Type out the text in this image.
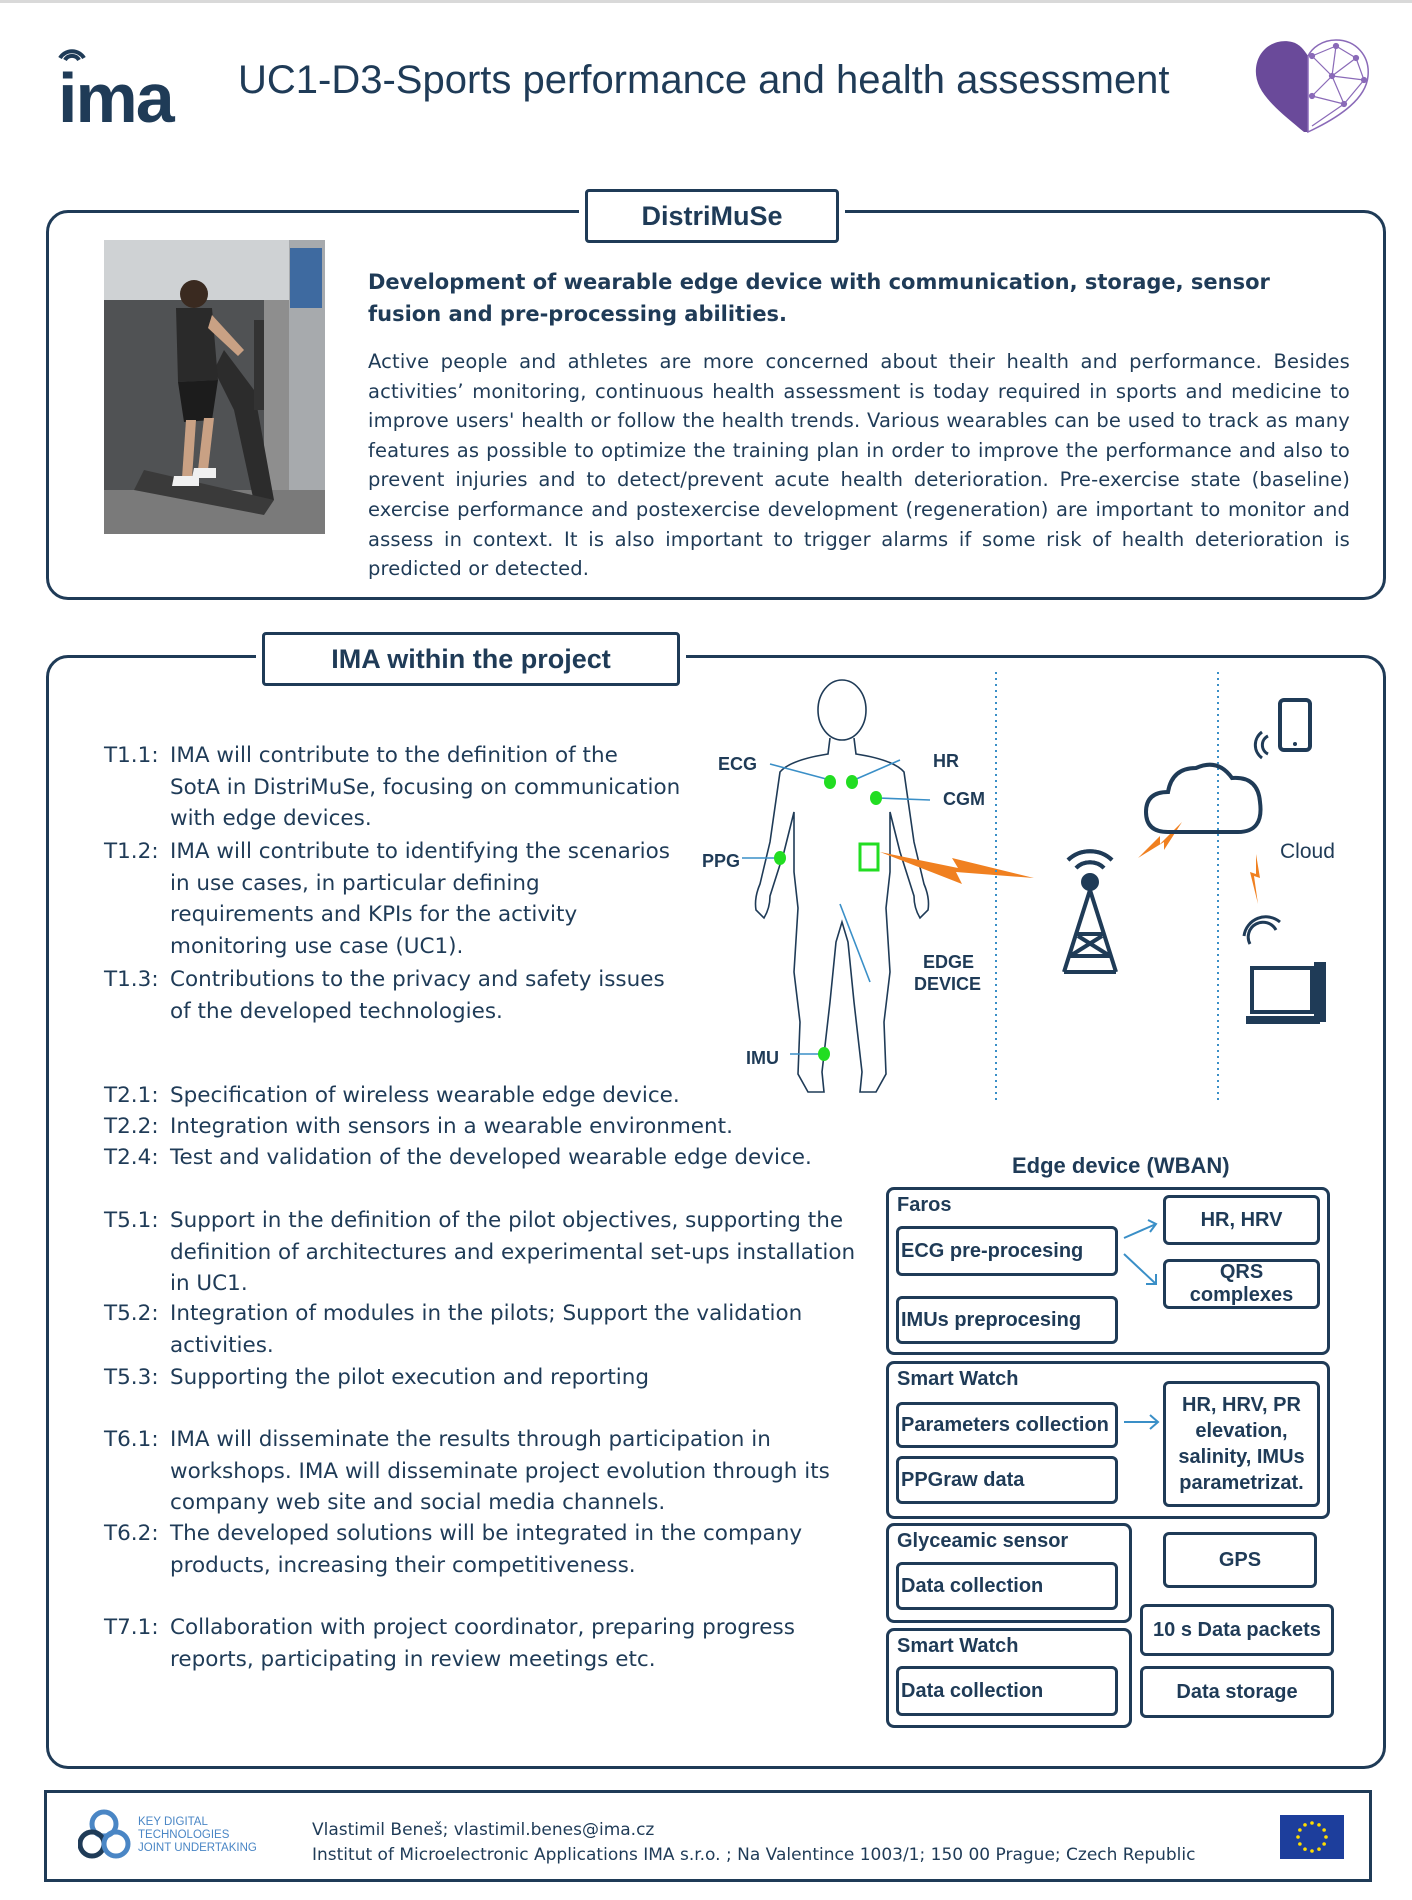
ima UC1-D3-Sports performance and health assessment
DistriMuSe
Development of wearable edge device with communication, storage, sensor fusion and pre-processing abilities.
Active people and athletes are more concerned about their health and performance. Besides activities’ monitoring, continuous health assessment is today required in sports and medicine to improve users' health or follow the health trends. Various wearables can be used to track as many features as possible to optimize the training plan in order to improve the performance and also to prevent injuries and to detect/prevent acute health deterioration. Pre-exercise state (baseline) exercise performance and postexercise development (regeneration) are important to monitor and assess in context. It is also important to trigger alarms if some risk of health deterioration is predicted or detected.
IMA within the project
T1.1: IMA will contribute to the definition of the
SotA in DistriMuSe, focusing on communication
with edge devices.
T1.2: IMA will contribute to identifying the scenarios
in use cases, in particular defining
requirements and KPIs for the activity
monitoring use case (UC1).
T1.3: Contributions to the privacy and safety issues
of the developed technologies.
T2.1: Specification of wireless wearable edge device.
T2.2: Integration with sensors in a wearable environment.
T2.4: Test and validation of the developed wearable edge device.
T5.1: Support in the definition of the pilot objectives, supporting the
definition of architectures and experimental set-ups installation
in UC1.
T5.2: Integration of modules in the pilots; Support the validation
activities.
T5.3: Supporting the pilot execution and reporting
T6.1: IMA will disseminate the results through participation in
workshops. IMA will disseminate project evolution through its
company web site and social media channels.
T6.2: The developed solutions will be integrated in the company
products, increasing their competitiveness.
T7.1: Collaboration with project coordinator, preparing progress
reports, participating in review meetings etc.
ECG	HR
CGM
PPG
EDGE
DEVICE
IMU
Cloud
Edge device (WBAN)
Faros
ECG pre-procesing
IMUs preprocesing
HR, HRV
QRS complexes
Smart Watch
Parameters collection
PPGraw data
HR, HRV, PR
elevation,
salinity, IMUs
parametrizat.
Glyceamic sensor
Data collection
GPS
Smart Watch
Data collection
10 s Data packets
Data storage
KEY DIGITAL
TECHNOLOGIES
JOINT UNDERTAKING
Vlastimil Beneš; vlastimil.benes@ima.cz
Institut of Microelectronic Applications IMA s.r.o. ; Na Valentince 1003/1; 150 00 Prague; Czech Republic
